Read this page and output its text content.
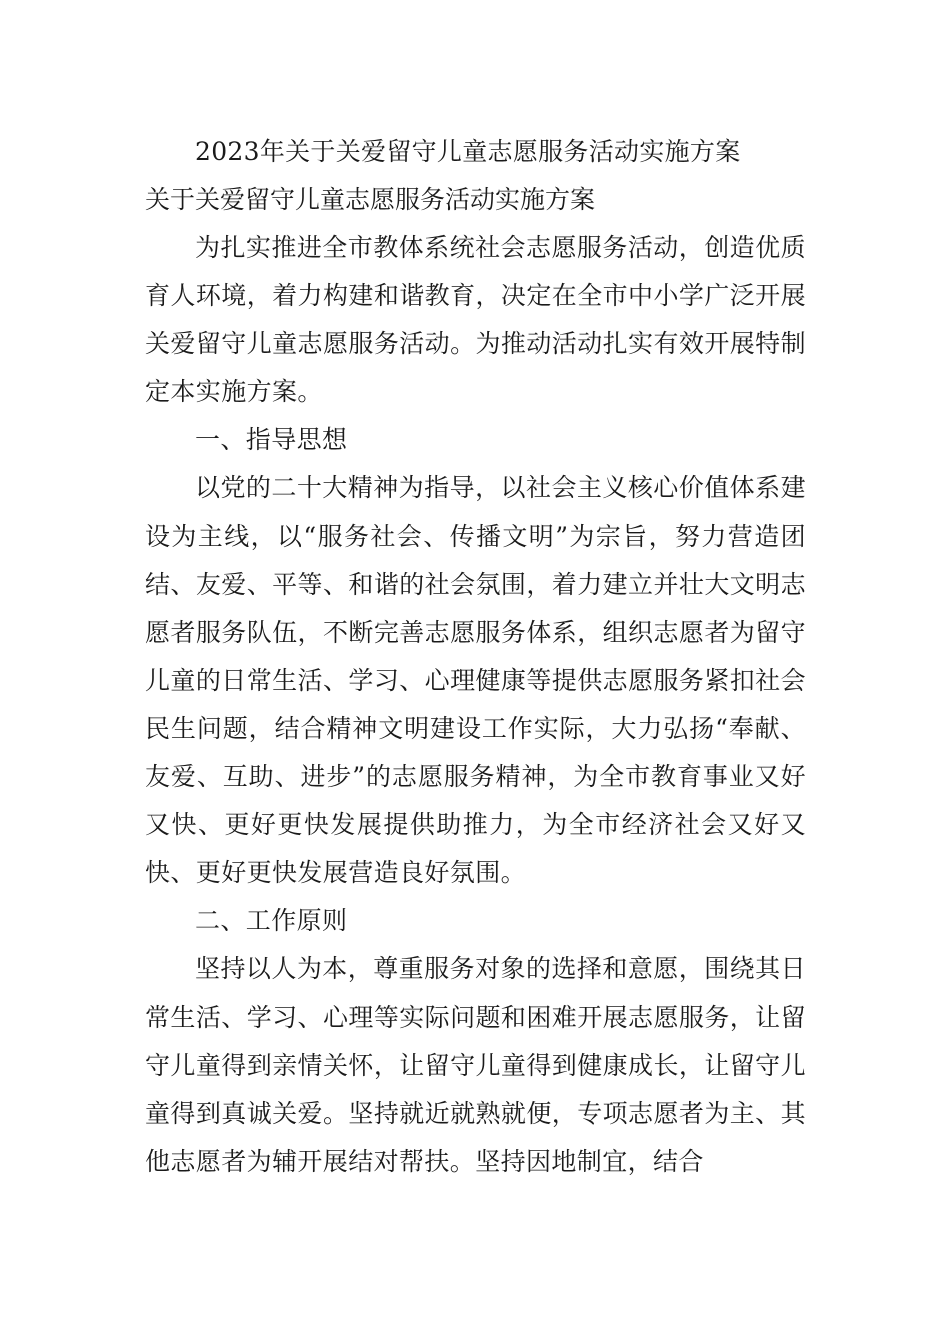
2023年关于关爱留守儿童志愿服务活动实施方案
关于关爱留守儿童志愿服务活动实施方案

为扎实推进全市教体系统社会志愿服务活动，创造优质育人环境，着力构建和谐教育，决定在全市中小学广泛开展关爱留守儿童志愿服务活动。为推动活动扎实有效开展特制定本实施方案。

一、指导思想

以党的二十大精神为指导，以社会主义核心价值体系建设为主线，以“服务社会、传播文明”为宗旨，努力营造团结、友爱、平等、和谐的社会氛围，着力建立并壮大文明志愿者服务队伍，不断完善志愿服务体系，组织志愿者为留守儿童的日常生活、学习、心理健康等提供志愿服务紧扣社会民生问题，结合精神文明建设工作实际，大力弘扬“奉献、友爱、互助、进步”的志愿服务精神，为全市教育事业又好又快、更好更快发展提供助推力，为全市经济社会又好又快、更好更快发展营造良好氛围。

二、工作原则

坚持以人为本，尊重服务对象的选择和意愿，围绕其日常生活、学习、心理等实际问题和困难开展志愿服务，让留守儿童得到亲情关怀，让留守儿童得到健康成长，让留守儿童得到真诚关爱。坚持就近就熟就便，专项志愿者为主、其他志愿者为辅开展结对帮扶。坚持因地制宜，结合
